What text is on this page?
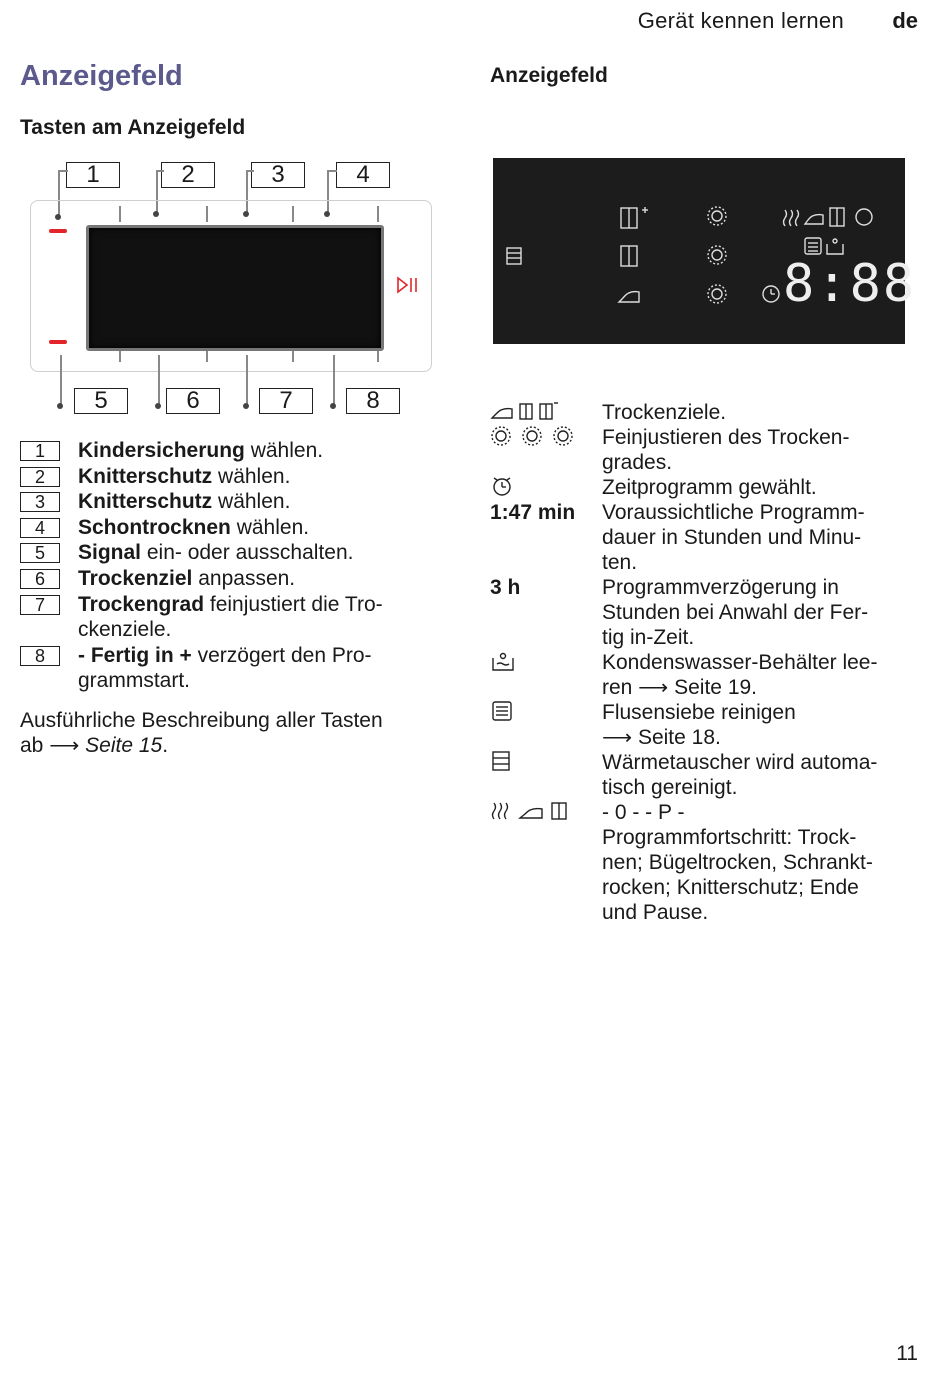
Gerät kennen lernen de
Anzeigefeld	Anzeigefeld
Tasten am Anzeigefeld
1	2	3	4
5	6	7	8
1	Kindersicherung wählen.
2	Knitterschutz wählen.
3	Knitterschutz wählen.
4	Schontrocknen wählen.
5	Signal ein- oder ausschalten.
6	Trockenziel anpassen.
7	Trockengrad feinjustiert die Tro-
ckenziele.
8	- Fertig in + verzögert den Pro-
grammstart.
Ausführliche Beschreibung aller Tasten
ab ⟶ Seite 15.
8:88
Trockenziele.
Feinjustieren des Trocken-
grades.
Zeitprogramm gewählt.
1:47 min	Voraussichtliche Programm-
dauer in Stunden und Minu-
ten.
3 h	Programmverzögerung in
Stunden bei Anwahl der Fer-
tig in-Zeit.
Kondenswasser-Behälter lee-
ren ⟶ Seite 19.
Flusensiebe reinigen
⟶ Seite 18.
Wärmetauscher wird automa-
tisch gereinigt.
- 0 - - P -
Programmfortschritt: Trock-
nen; Bügeltrocken, Schrankt-
rocken; Knitterschutz; Ende
und Pause.
11
